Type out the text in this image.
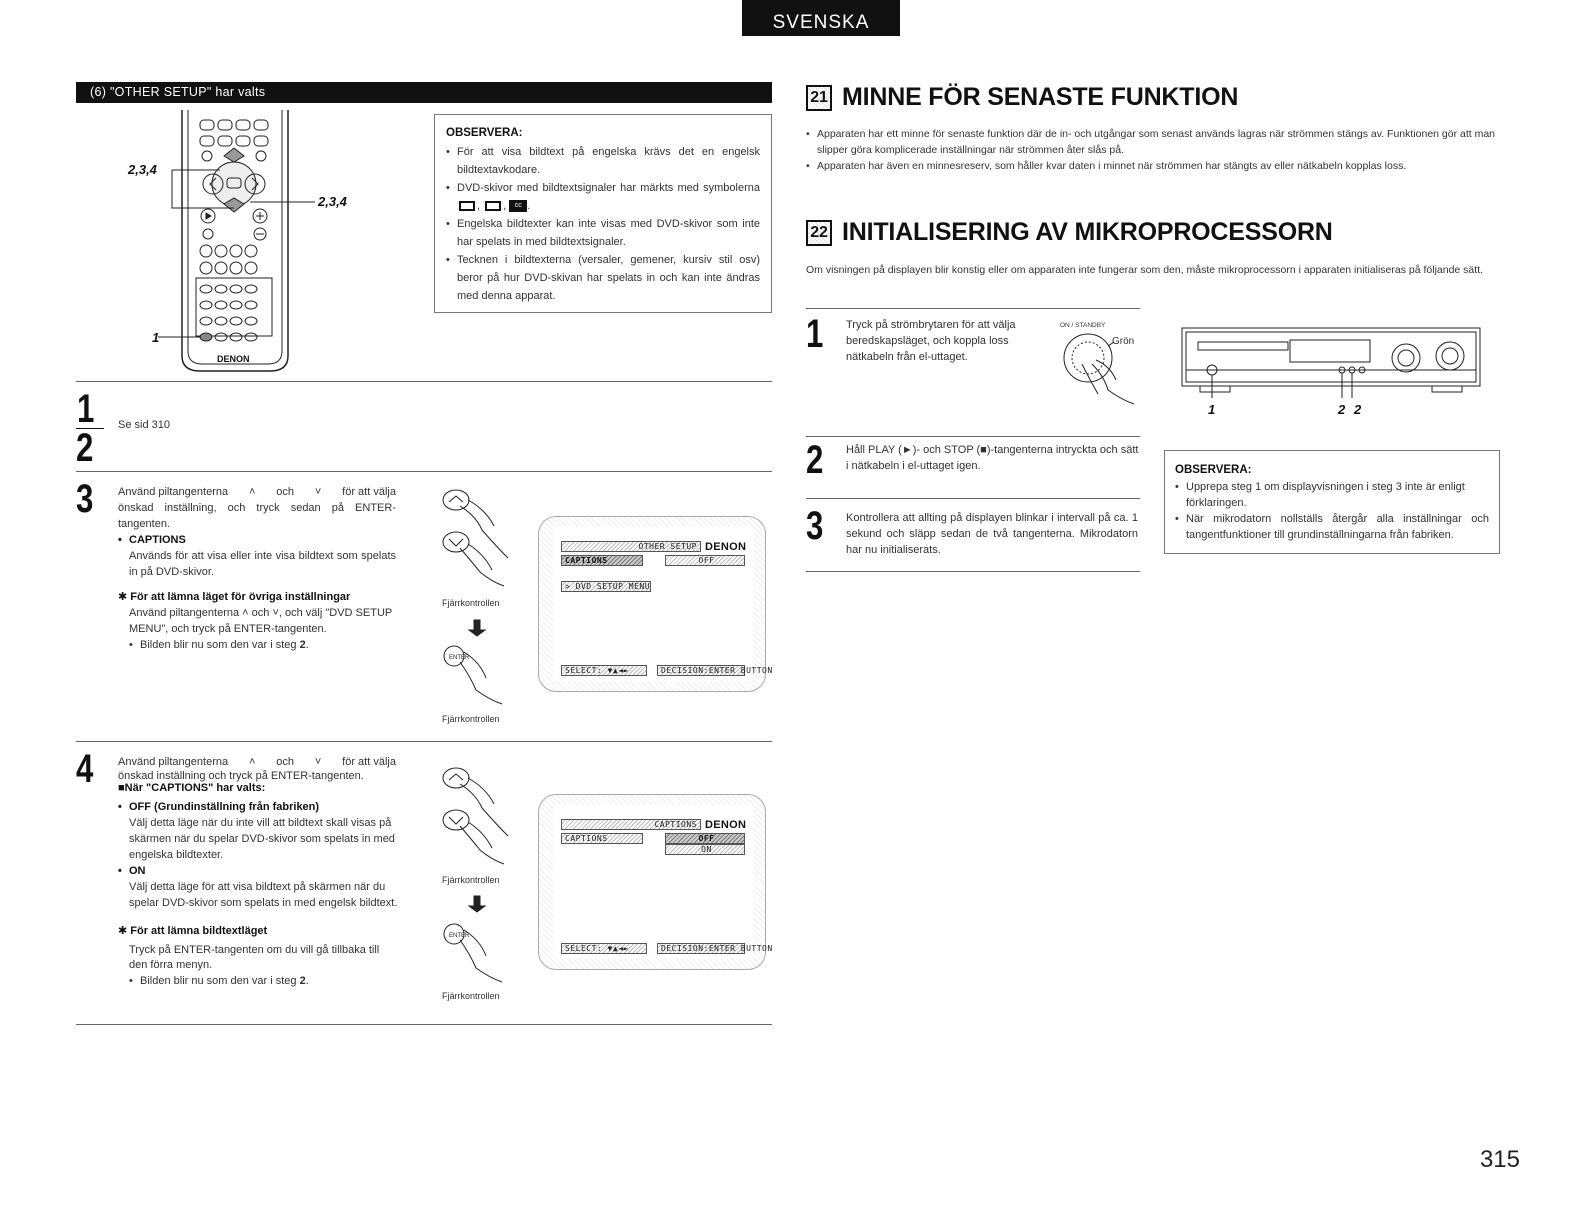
SVENSKA
(6) "OTHER SETUP" har valts
2,3,4
2,3,4
1
DENON
OBSERVERA:
• För att visa bildtext på engelska krävs det en engelsk bildtextavkodare.
• DVD-skivor med bildtextsignaler har märkts med symbolerna , , cc .
• Engelska bildtexter kan inte visas med DVD-skivor som inte har spelats in med bildtextsignaler.
• Tecknen i bildtexterna (versaler, gemener, kursiv stil osv) beror på hur DVD-skivan har spelats in och kan inte ändras med denna apparat.
1
2
Se sid 310
3 Använd piltangenterna ˄ och ˅ för att välja
önskad inställning, och tryck sedan på ENTER-tangenten.
• CAPTIONS
Används för att visa eller inte visa bildtext som spelats in på DVD-skivor.
✱ För att lämna läget för övriga inställningar
Använd piltangenterna ˄ och ˅, och välj "DVD SETUP MENU", och tryck på ENTER-tangenten.
• Bilden blir nu som den var i steg 2.
ENTER
Fjärrkontrollen
Fjärrkontrollen
OTHER SETUP DENON
CAPTIONS	OFF
> DVD SETUP MENU
SELECT: ▼▲◄►	DECISION:ENTER BUTTON
4 Använd piltangenterna ˄ och ˅ för att välja
önskad inställning och tryck på ENTER-tangenten.
■När "CAPTIONS" har valts:
• OFF (Grundinställning från fabriken)
Välj detta läge när du inte vill att bildtext skall visas på skärmen när du spelar DVD-skivor som spelats in med engelska bildtexter.
• ON
Välj detta läge för att visa bildtext på skärmen när du spelar DVD-skivor som spelats in med engelsk bildtext.
✱ För att lämna bildtextläget
Tryck på ENTER-tangenten om du vill gå tillbaka till den förra menyn.
• Bilden blir nu som den var i steg 2.
ENTER
Fjärrkontrollen
Fjärrkontrollen
CAPTIONS DENON
CAPTIONS	OFF
ON
SELECT: ▼▲◄►	DECISION:ENTER BUTTON
21 MINNE FÖR SENASTE FUNKTION
• Apparaten har ett minne för senaste funktion där de in- och utgångar som senast används lagras när strömmen stängs av. Funktionen gör att man slipper göra komplicerade inställningar när strömmen åter slås på.
• Apparaten har även en minnesreserv, som håller kvar daten i minnet när strömmen har stängts av eller nätkabeln kopplas loss.
22 INITIALISERING AV MIKROPROCESSORN
Om visningen på displayen blir konstig eller om apparaten inte fungerar som den, måste mikroprocessorn i apparaten initialiseras på följande sätt.
1 Tryck på strömbrytaren för att välja beredskapsläget, och koppla loss nätkabeln från el-uttaget.
ON / STANDBY
Grön
1	2 2
2 Håll PLAY (►)- och STOP (■)-tangenterna intryckta och sätt i nätkabeln i el-uttaget igen.
3 Kontrollera att allting på displayen blinkar i intervall på ca. 1 sekund och släpp sedan de två tangenterna. Mikrodatorn har nu initialiserats.
OBSERVERA:
• Upprepa steg 1 om displayvisningen i steg 3 inte är enligt förklaringen.
• När mikrodatorn nollställs återgår alla inställningar och tangentfunktioner till grundinställningarna från fabriken.
315
